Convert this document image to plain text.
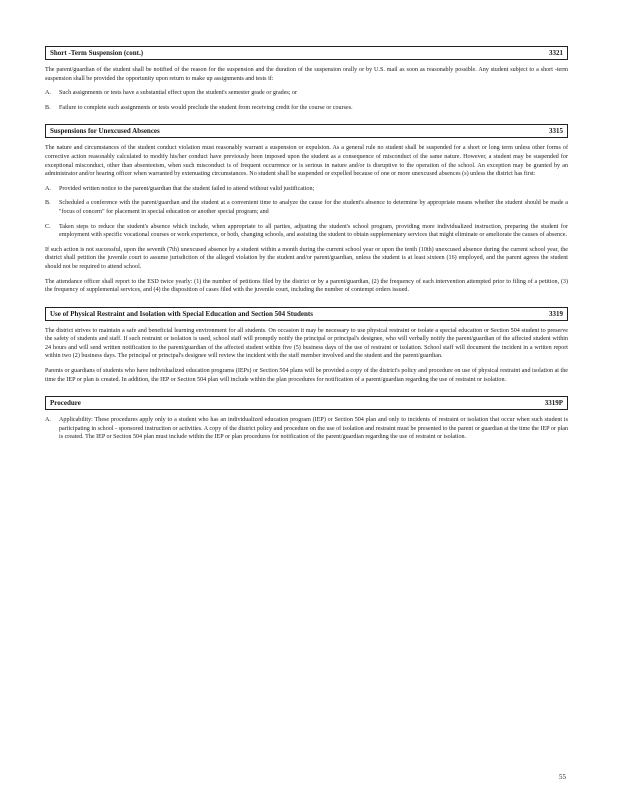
Short -Term Suspension (cont.)	3321

The parent/guardian of the student shall be notified of the reason for the suspension and the duration of the suspension orally or by U.S. mail as soon as reasonably possible. Any student subject to a short -term suspension shall be provided the opportunity upon return to make up assignments and tests if:

A.	Such assignments or tests have a substantial effect upon the student's semester grade or grades; or
B.	Failure to complete such assignments or tests would preclude the student from receiving credit for the course or courses.
Suspensions for Unexcused Absences	3315

The nature and circumstances of the student conduct violation must reasonably warrant a suspension or expulsion. As a general rule no student shall be suspended for a short or long term unless other forms of corrective action reasonably calculated to modify his/her conduct have previously been imposed upon the student as a consequence of misconduct of the same nature. However, a student may be suspended for exceptional misconduct, other than absenteeism, when such misconduct is of frequent occurrence or is serious in nature and/or is disruptive to the operation of the school. An exception may be granted by an administrator and/or hearing officer when warranted by extenuating circumstances. No student shall be suspended or expelled because of one or more unexcused absences (s) unless the district has first:

A.	Provided written notice to the parent/guardian that the student failed to attend without valid justification;
B.	Scheduled a conference with the parent/guardian and the student at a convenient time to analyze the cause for the student's absence to determine by appropriate means whether the student should be made a "focus of concern" for placement in special education or another special program; and
C.	Taken steps to reduce the student's absence which include, when appropriate to all parties, adjusting the student's school program, providing more individualized instruction, preparing the student for employment with specific vocational courses or work experience, or both, changing schools, and assisting the student to obtain supplementary services that might eliminate or ameliorate the causes of absence.

If such action is not successful, upon the seventh (7th) unexcused absence by a student within a month during the current school year or upon the tenth (10th) unexcused absence during the current school year, the district shall petition the juvenile court to assume jurisdiction of the alleged violation by the student and/or parent/guardian, unless the student is at least sixteen (16) employed, and the parent agrees the student should not be required to attend school.

The attendance officer shall report to the ESD twice yearly: (1) the number of petitions filed by the district or by a parent/guardian, (2) the frequency of each intervention attempted prior to filing of a petition, (3) the frequency of supplemental services, and (4) the disposition of cases filed with the juvenile court, including the number of contempt orders issued.

Use of Physical Restraint and Isolation with Special Education and Section 504 Students	3319

The district strives to maintain a safe and beneficial learning environment for all students. On occasion it may be necessary to use physical restraint or isolate a special education or Section 504 student to preserve the safety of students and staff. If such restraint or isolation is used, school staff will promptly notify the principal or principal's designee, who will verbally notify the parent/guardian of the affected student within 24 hours and will send written notification to the parent/guardian of the affected student within five (5) business days of the use of restraint or isolation. School staff will document the incident in a written report within two (2) business days. The principal or principal's designee will review the incident with the staff member involved and the student and the parent/guardian.

Parents or guardians of students who have individualized education programs (IEPs) or Section 504 plans will be provided a copy of the district's policy and procedure on use of physical restraint and isolation at the time the IEP or plan is created. In addition, the IEP or Section 504 plan will include within the plan procedures for notification of a parent/guardian regarding the use of restraint or isolation.

Procedure	3319P
A.	Applicability: These procedures apply only to a student who has an individualized education program (IEP) or Section 504 plan and only to incidents of restraint or isolation that occur when such student is participating in school - sponsored instruction or activities. A copy of the district policy and procedure on the use of isolation and restraint must be presented to the parent or guardian at the time the IEP or plan is created. The IEP or Section 504 plan must include within the IEP or plan procedures for notification of the parent/guardian regarding the use of restraint or isolation.
55
